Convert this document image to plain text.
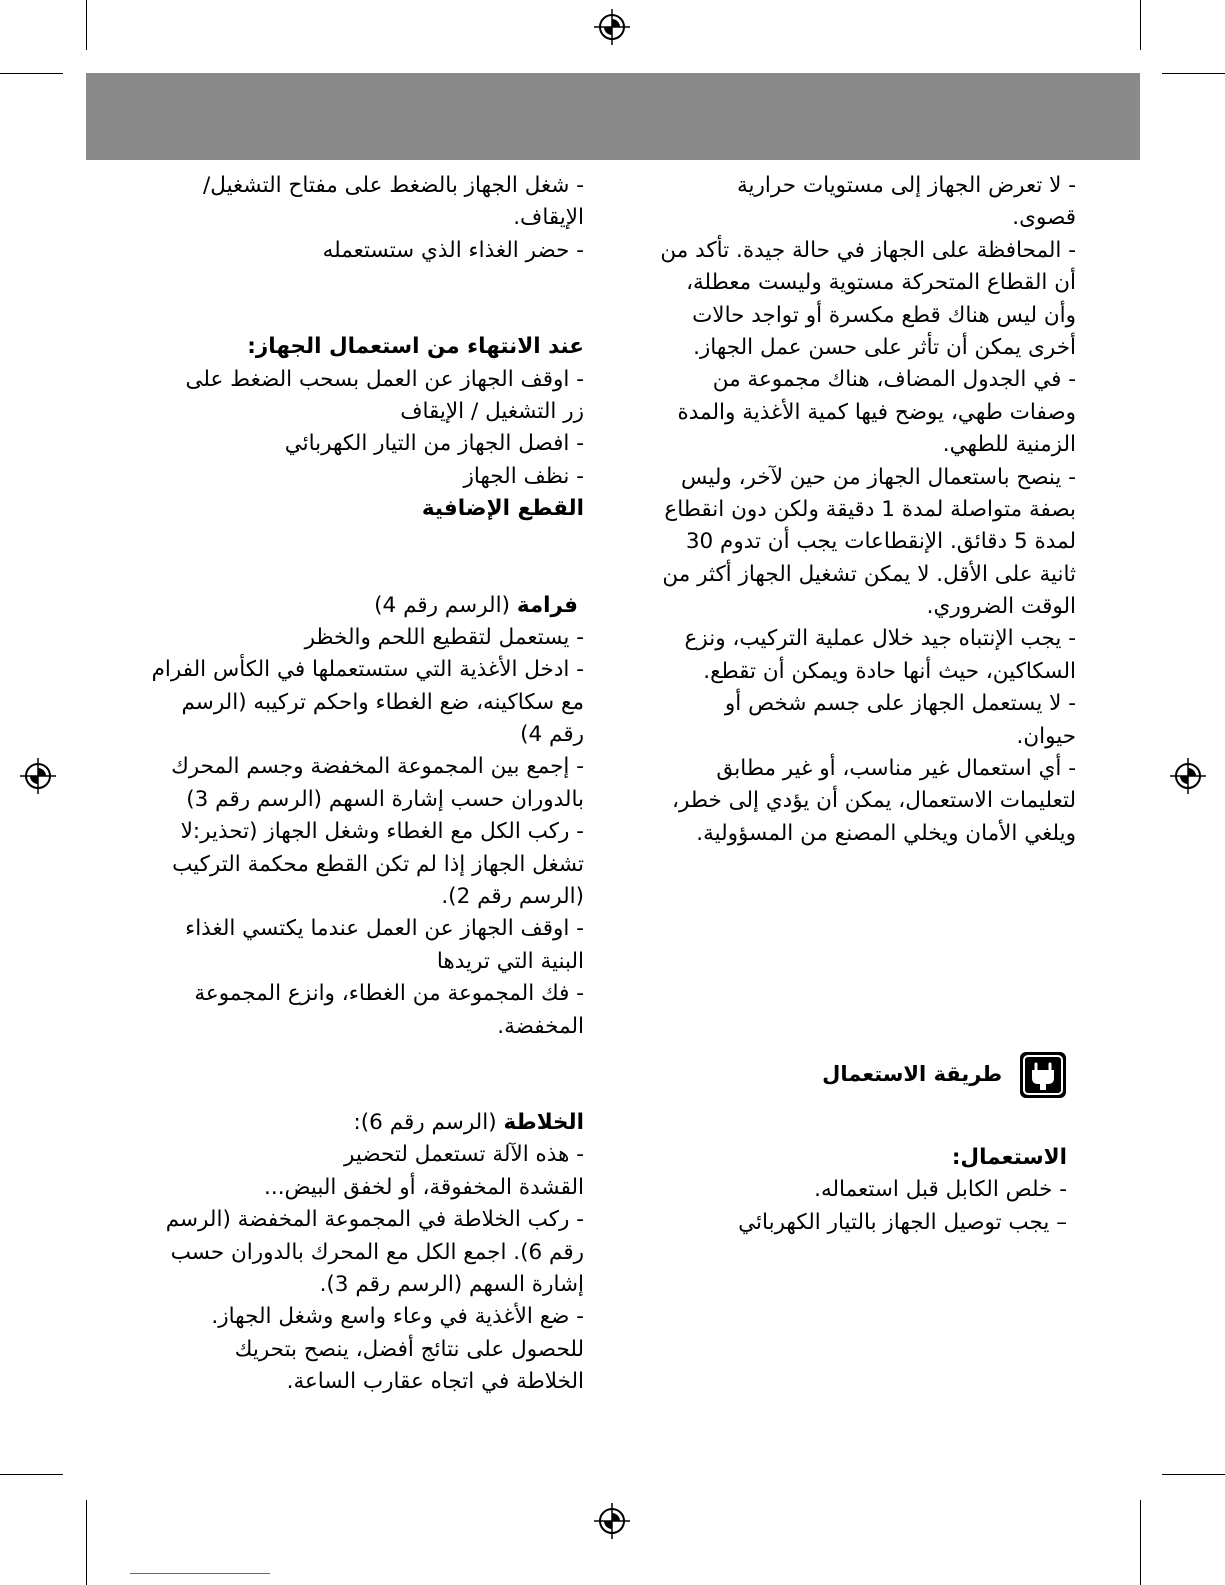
- لا تعرض الجهاز إلى مستويات حرارية
قصوى.
- المحافظة على الجهاز في حالة جيدة. تأكد من
أن القطاع المتحركة مستوية وليست معطلة،
وأن ليس هناك قطع مكسرة أو تواجد حالات
أخرى يمكن أن تأثر على حسن عمل الجهاز.
- في الجدول المضاف، هناك مجموعة من
وصفات طهي، يوضح فيها كمية الأغذية والمدة
الزمنية للطهي.
- ينصح باستعمال الجهاز من حين لآخر، وليس
بصفة متواصلة لمدة 1 دقيقة ولكن دون انقطاع
لمدة 5 دقائق. الإنقطاعات يجب أن تدوم 30
ثانية على الأقل. لا يمكن تشغيل الجهاز أكثر من
الوقت الضروري.
- يجب الإنتباه جيد خلال عملية التركيب، ونزع
السكاكين، حيث أنها حادة ويمكن أن تقطع.
- لا يستعمل الجهاز على جسم شخص أو
حيوان.
- أي استعمال غير مناسب، أو غير مطابق
لتعليمات الاستعمال، يمكن أن يؤدي إلى خطر،
ويلغي الأمان ويخلي المصنع من المسؤولية.
طريقة الاستعمال
الاستعمال:
- خلص الكابل قبل استعماله.
– يجب توصيل الجهاز بالتيار الكهربائي
- شغل الجهاز بالضغط على مفتاح التشغيل/
الإيقاف.
- حضر الغذاء الذي ستستعمله
عند الانتهاء من استعمال الجهاز:
- اوقف الجهاز عن العمل بسحب الضغط على
زر التشغيل / الإيقاف
- افصل الجهاز من التيار الكهربائي
- نظف الجهاز
القطع الإضافية
فرامة (الرسم رقم 4)
- يستعمل لتقطيع اللحم والخظر
- ادخل الأغذية التي ستستعملها في الكأس الفرام
مع سكاكينه، ضع الغطاء واحكم تركيبه (الرسم
رقم 4)
- إجمع بين المجموعة المخفضة وجسم المحرك
بالدوران حسب إشارة السهم (الرسم رقم 3)
- ركب الكل مع الغطاء وشغل الجهاز (تحذير:لا
تشغل الجهاز إذا لم تكن القطع محكمة التركيب
(الرسم رقم 2).
- اوقف الجهاز عن العمل عندما يكتسي الغذاء
البنية التي تريدها
- فك المجموعة من الغطاء، وانزع المجموعة
المخفضة.
الخلاطة (الرسم رقم 6):
- هذه الآلة تستعمل لتحضير
القشدة المخفوقة، أو لخفق البيض...
- ركب الخلاطة في المجموعة المخفضة (الرسم
رقم 6). اجمع الكل مع المحرك بالدوران حسب
إشارة السهم (الرسم رقم 3).
- ضع الأغذية في وعاء واسع وشغل الجهاز.
للحصول على نتائج أفضل، ينصح بتحريك
الخلاطة في اتجاه عقارب الساعة.
